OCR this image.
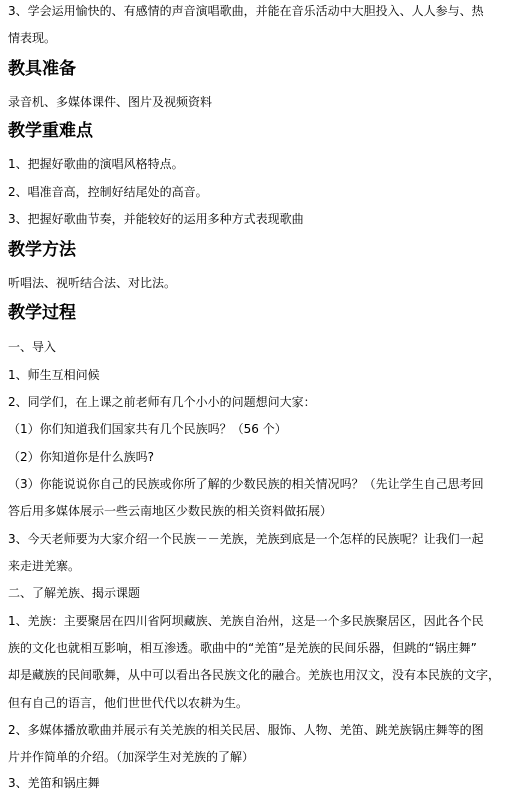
3、学会运用愉快的、有感情的声音演唱歌曲，并能在音乐活动中大胆投入、人人参与、热
情表现。
教具准备
录音机、多媒体课件、图片及视频资料
教学重难点
1、把握好歌曲的演唱风格特点。
2、唱准音高，控制好结尾处的高音。
3、把握好歌曲节奏，并能较好的运用多种方式表现歌曲
教学方法
听唱法、视听结合法、对比法。
教学过程
一、导入
1、师生互相问候
2、同学们，在上课之前老师有几个小小的问题想问大家：
（1）你们知道我们国家共有几个民族吗？（56 个）
（2）你知道你是什么族吗?
（3）你能说说你自己的民族或你所了解的少数民族的相关情况吗？（先让学生自己思考回
答后用多媒体展示一些云南地区少数民族的相关资料做拓展）
3、今天老师要为大家介绍一个民族－－羌族，羌族到底是一个怎样的民族呢？让我们一起
来走进羌寨。
二、了解羌族、揭示课题
1、羌族：主要聚居在四川省阿坝藏族、羌族自治州，这是一个多民族聚居区，因此各个民
族的文化也就相互影响，相互渗透。歌曲中的“羌笛”是羌族的民间乐器，但跳的“锅庄舞”
却是藏族的民间歌舞，从中可以看出各民族文化的融合。羌族也用汉文，没有本民族的文字，
但有自己的语言，他们世世代代以农耕为生。
2、多媒体播放歌曲并展示有关羌族的相关民居、服饰、人物、羌笛、跳羌族锅庄舞等的图
片并作简单的介绍。（加深学生对羌族的了解）
3、羌笛和锅庄舞
